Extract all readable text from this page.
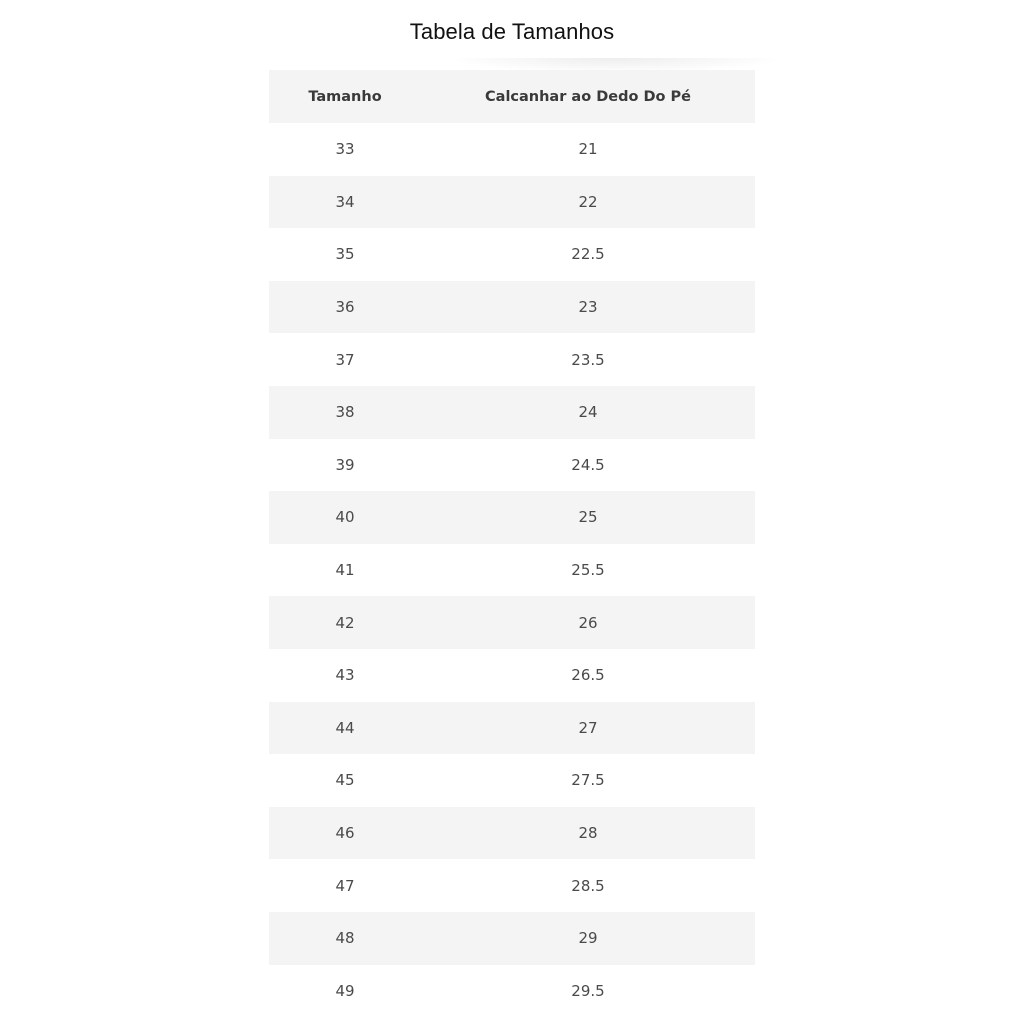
Tabela de Tamanhos
Tamanho	Calcanhar ao Dedo Do Pé
33	21
34	22
35	22.5
36	23
37	23.5
38	24
39	24.5
40	25
41	25.5
42	26
43	26.5
44	27
45	27.5
46	28
47	28.5
48	29
49	29.5
